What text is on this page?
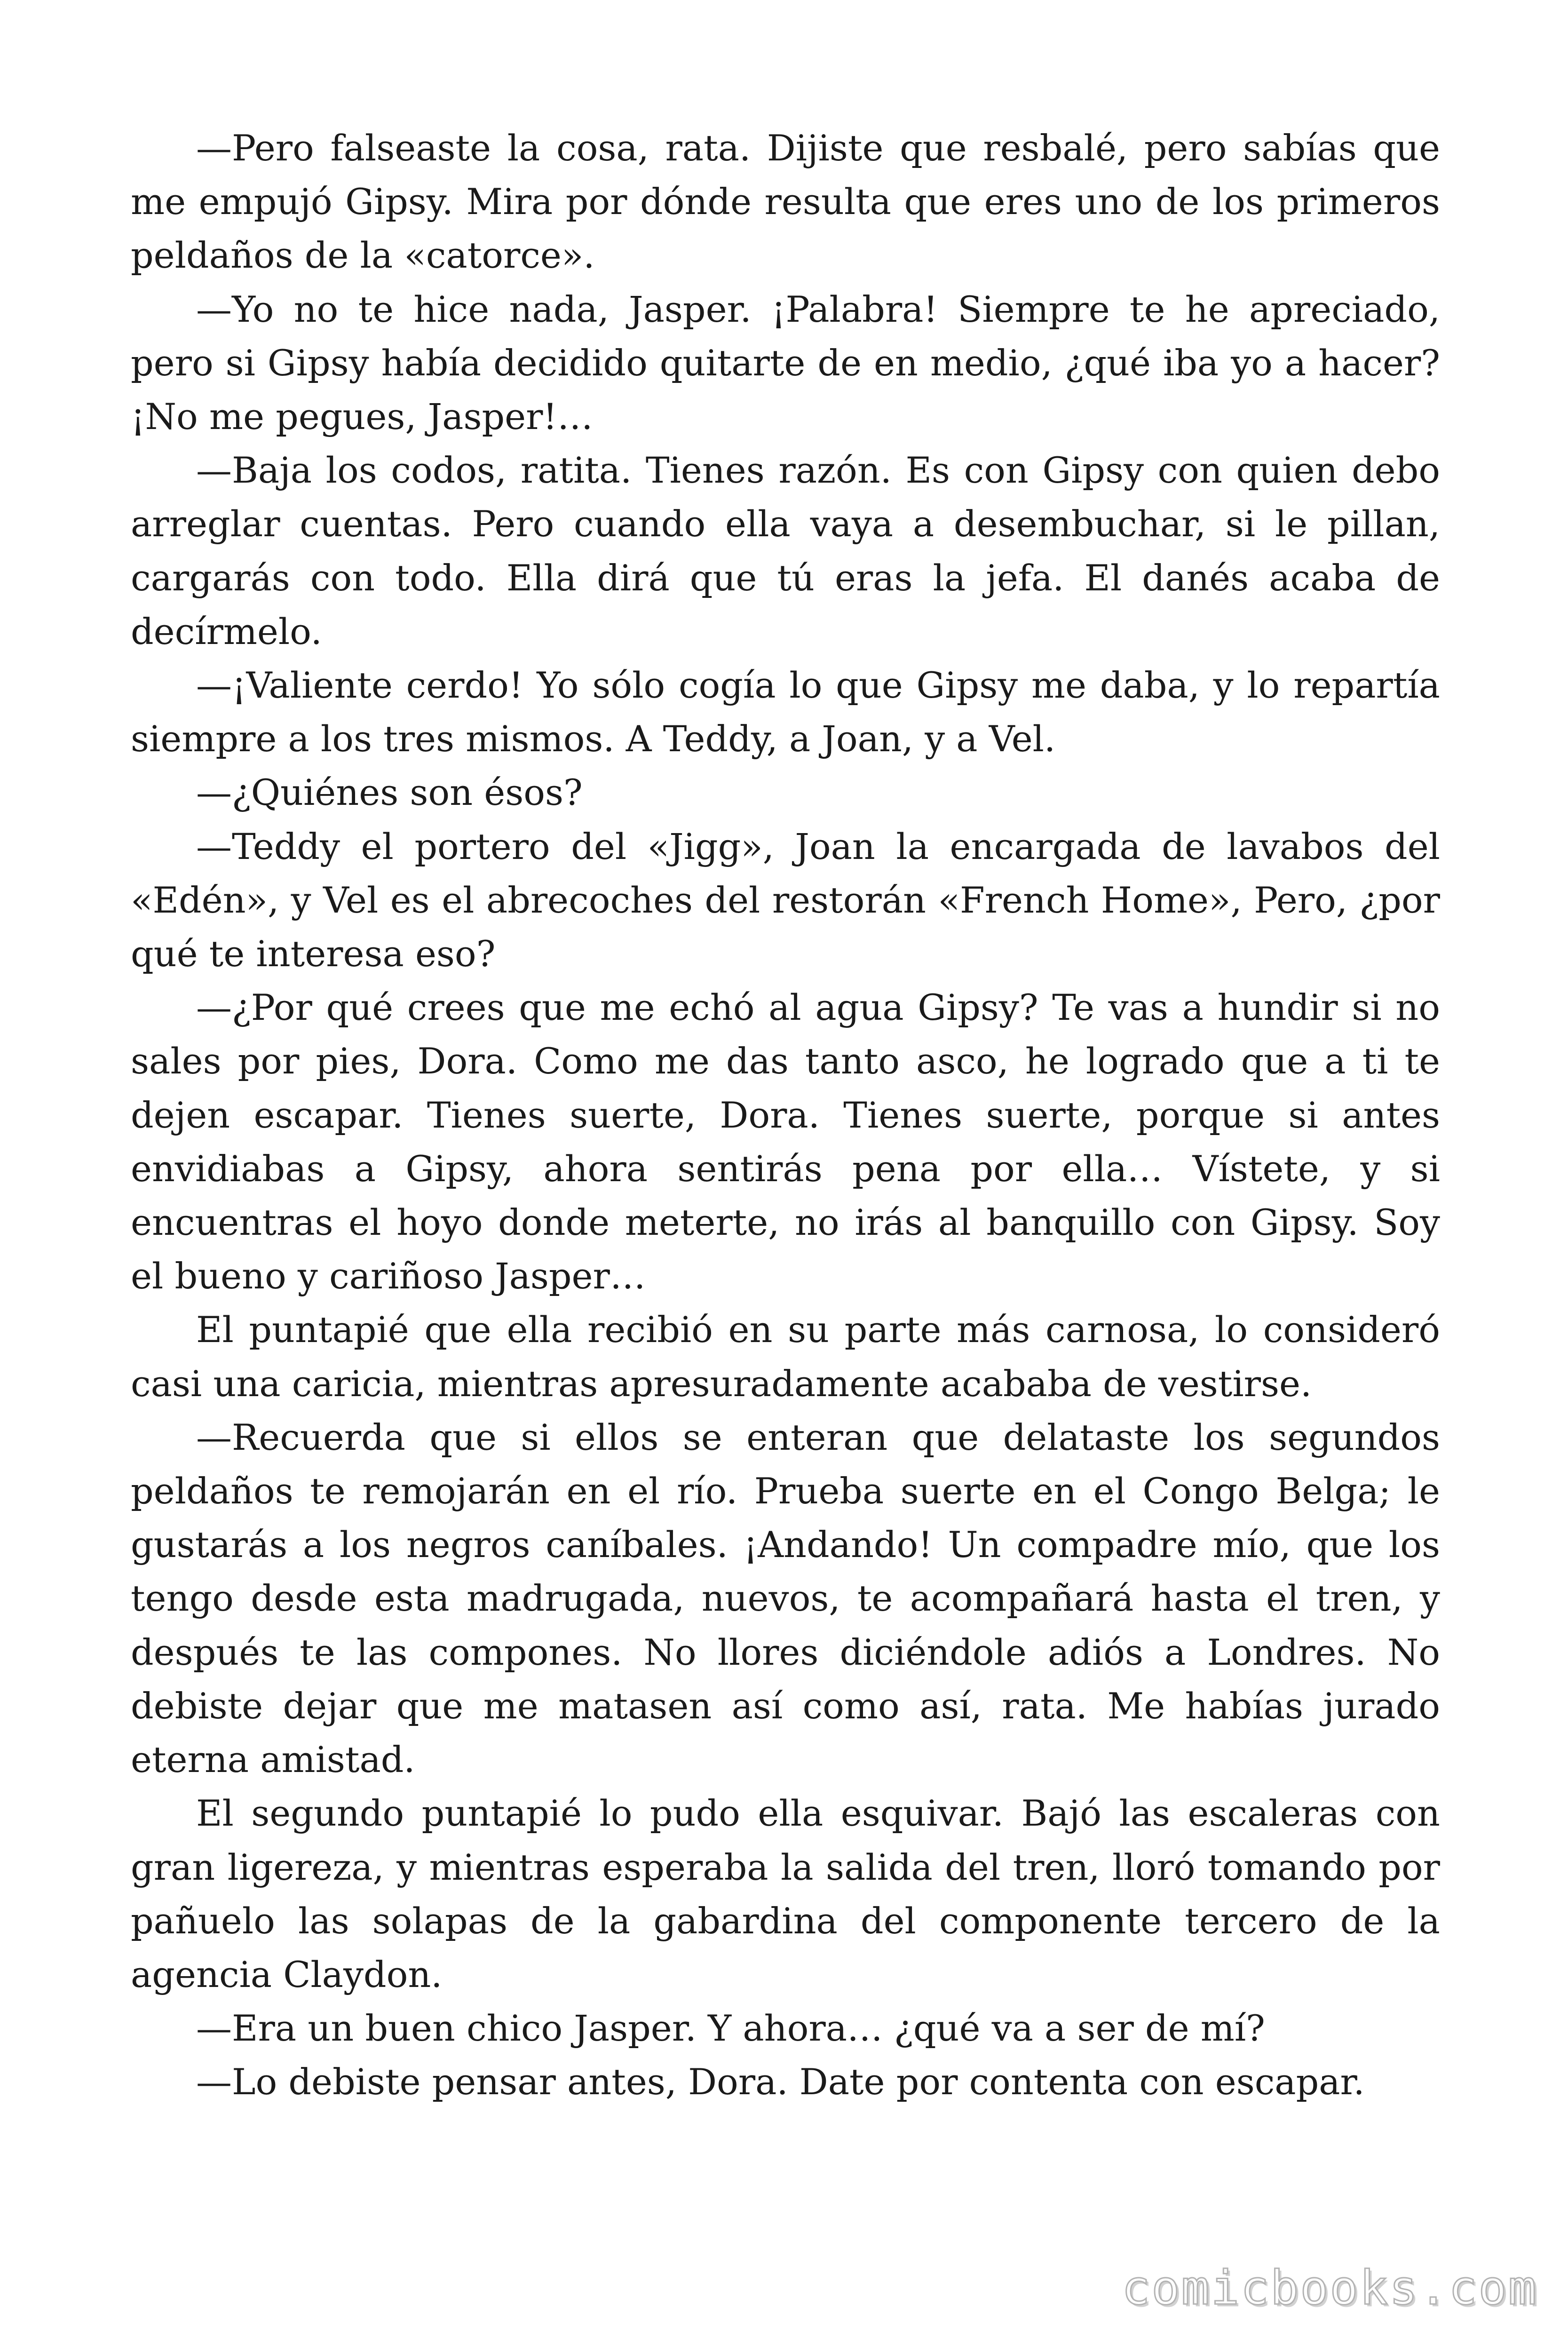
—Pero falseaste la cosa, rata. Dijiste que resbalé, pero sabías que me empujó Gipsy. Mira por dónde resulta que eres uno de los primeros peldaños de la «catorce».

—Yo no te hice nada, Jasper. ¡Palabra! Siempre te he apreciado, pero si Gipsy había decidido quitarte de en medio, ¿qué iba yo a hacer? ¡No me pegues, Jasper!…

—Baja los codos, ratita. Tienes razón. Es con Gipsy con quien debo arreglar cuentas. Pero cuando ella vaya a desembuchar, si le pillan, cargarás con todo. Ella dirá que tú eras la jefa. El danés acaba de decírmelo.

—¡Valiente cerdo! Yo sólo cogía lo que Gipsy me daba, y lo repartía siempre a los tres mismos. A Teddy, a Joan, y a Vel.

—¿Quiénes son ésos?

—Teddy el portero del «Jigg», Joan la encargada de lavabos del «Edén», y Vel es el abrecoches del restorán «French Home», Pero, ¿por qué te interesa eso?

—¿Por qué crees que me echó al agua Gipsy? Te vas a hundir si no sales por pies, Dora. Como me das tanto asco, he logrado que a ti te dejen escapar. Tienes suerte, Dora. Tienes suerte, porque si antes envidiabas a Gipsy, ahora sentirás pena por ella… Vístete, y si encuentras el hoyo donde meterte, no irás al banquillo con Gipsy. Soy el bueno y cariñoso Jasper…

El puntapié que ella recibió en su parte más carnosa, lo consideró casi una caricia, mientras apresuradamente acababa de vestirse.

—Recuerda que si ellos se enteran que delataste los segundos peldaños te remojarán en el río. Prueba suerte en el Congo Belga; le gustarás a los negros caníbales. ¡Andando! Un compadre mío, que los tengo desde esta madrugada, nuevos, te acompañará hasta el tren, y después te las compones. No llores diciéndole adiós a Londres. No debiste dejar que me matasen así como así, rata. Me habías jurado eterna amistad.

El segundo puntapié lo pudo ella esquivar. Bajó las escaleras con gran ligereza, y mientras esperaba la salida del tren, lloró tomando por pañuelo las solapas de la gabardina del componente tercero de la agencia Claydon.

—Era un buen chico Jasper. Y ahora… ¿qué va a ser de mí?

—Lo debiste pensar antes, Dora. Date por contenta con escapar.

comicbooks.com
